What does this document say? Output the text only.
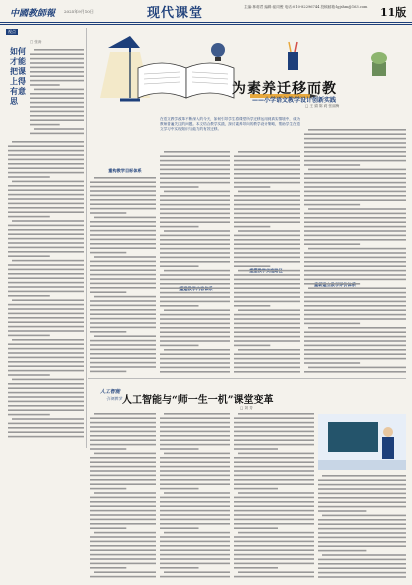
中國教師報 2025年9月10日	现代课堂	主编:林莉君 编辑:崔同俊 电话:010-82296744 投稿邮箱:lgjshm@163.com	11版
视点
如何才能把课上得有意思
□ 张涛
为素养迁移而教
——小学语文教学设计创新实践
□ 王 娟 陈 莉 张丽梅
在语文教学改革不断深入的今天，如何引导学生将课堂所学迁移运用到真实情境中，成为教师普遍关注的问题。本文结合教学实践，探讨素养导向的教学设计策略，帮助学生在语文学习中实现知识与能力的有效迁移。
重构教学目标体系
人工智能
引领教学 人工智能与“师一生一机”课堂变革
□ 刘 芳
